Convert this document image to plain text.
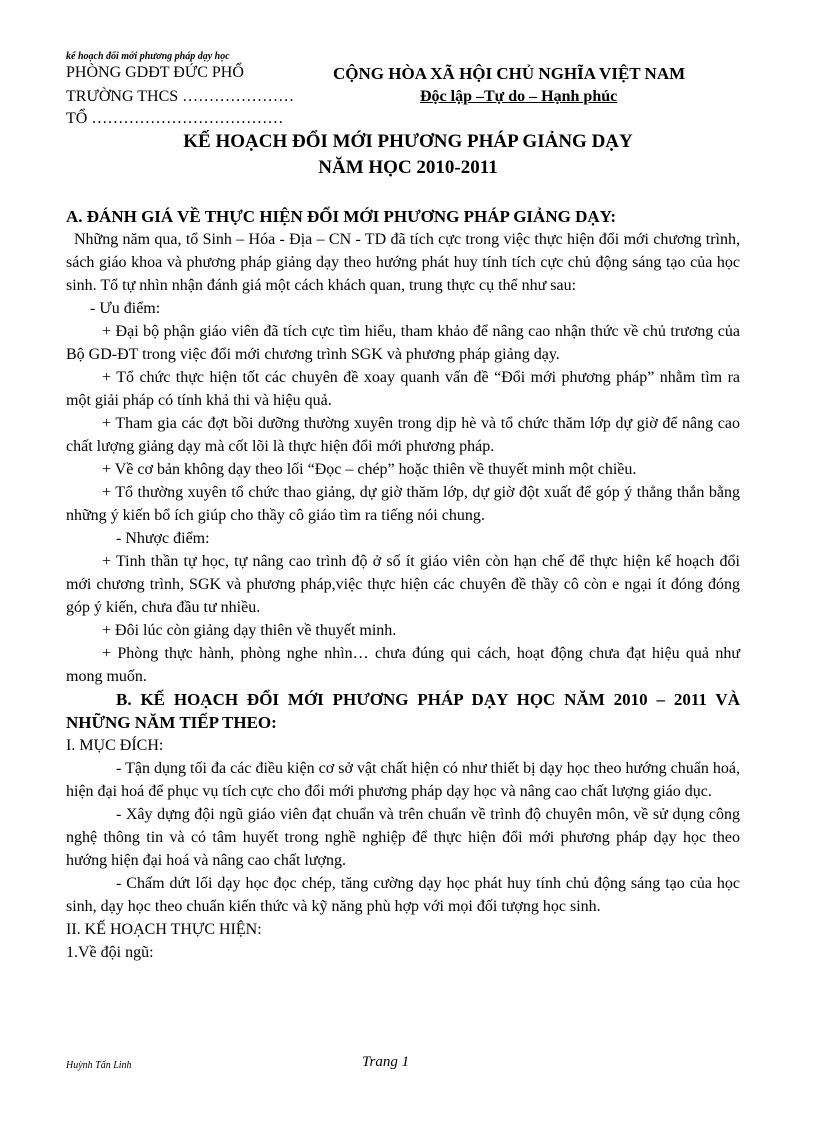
kế hoạch đổi mới phương pháp dạy học
PHÒNG GDĐT ĐỨC PHỔ
TRƯỜNG THCS …………………
TỔ ………………………………
CỘNG HÒA XÃ HỘI CHỦ NGHĨA VIỆT NAM
Độc lập –Tự do – Hạnh phúc
KẾ HOẠCH ĐỔI MỚI PHƯƠNG PHÁP GIẢNG DẠY
NĂM HỌC 2010-2011

A. ĐÁNH GIÁ VỀ THỰC HIỆN ĐỔI MỚI PHƯƠNG PHÁP GIẢNG DẠY:

Những năm qua, tổ Sinh – Hóa - Địa – CN - TD đã tích cực trong việc thực hiện đổi mới chương trình, sách giáo khoa và phương pháp giảng dạy theo hướng phát huy tính tích cực chủ động sáng tạo của học sinh. Tổ tự nhìn nhận đánh giá một cách khách quan, trung thực cụ thể như sau:

- Ưu điểm:

+ Đại bộ phận giáo viên đã tích cực tìm hiểu, tham khảo để nâng cao nhận thức về chủ trương của Bộ GD-ĐT trong việc đổi mới chương trình SGK và phương pháp giảng dạy.

+ Tổ chức thực hiện tốt các chuyên đề xoay quanh vấn đề “Đổi mới phương pháp” nhằm tìm ra một giải pháp có tính khả thi và hiệu quả.

+ Tham gia các đợt bồi dưỡng thường xuyên trong dịp hè và tổ chức thăm lớp dự giờ để nâng cao chất lượng giảng dạy mà cốt lõi là thực hiện đổi mới phương pháp.

+ Về cơ bản không dạy theo lối “Đọc – chép” hoặc thiên về thuyết minh một chiều.

+ Tổ thường xuyên tổ chức thao giảng, dự giờ thăm lớp, dự giờ đột xuất để góp ý thẳng thắn bằng những ý kiến bổ ích giúp cho thầy cô giáo tìm ra tiếng nói chung.

- Nhược điểm:

+ Tinh thần tự học, tự nâng cao trình độ ở số ít giáo viên còn hạn chế để thực hiện kế hoạch đổi mới chương trình, SGK và phương pháp,việc thực hiện các chuyên đề thầy cô còn e ngại ít đóng đóng góp ý kiến, chưa đầu tư nhiều.

+ Đôi lúc còn giảng dạy thiên về thuyết minh.

+ Phòng thực hành, phòng nghe nhìn… chưa đúng qui cách, hoạt động chưa đạt hiệu quả như mong muốn.

B. KẾ HOẠCH ĐỔI MỚI PHƯƠNG PHÁP DẠY HỌC NĂM 2010 – 2011 VÀ NHỮNG NĂM TIẾP THEO:

I. MỤC ĐÍCH:

- Tận dụng tối đa các điều kiện cơ sở vật chất hiện có như thiết bị dạy học theo hướng chuẩn hoá, hiện đại hoá để phục vụ tích cực cho đổi mới phương pháp dạy học và nâng cao chất lượng giáo dục.

- Xây dựng đội ngũ giáo viên đạt chuẩn và trên chuẩn về trình độ chuyên môn, về sử dụng công nghệ thông tin và có tâm huyết trong nghề nghiệp để thực hiện đổi mới phương pháp dạy học theo hướng hiện đại hoá và nâng cao chất lượng.

- Chấm dứt lối dạy học đọc chép, tăng cường dạy học phát huy tính chủ động sáng tạo của học sinh, dạy học theo chuẩn kiến thức và kỹ năng phù hợp với mọi đối tượng học sinh.

II. KẾ HOẠCH THỰC HIỆN:

1.Về đội ngũ:

Huỳnh Tấn Linh	Trang 1
